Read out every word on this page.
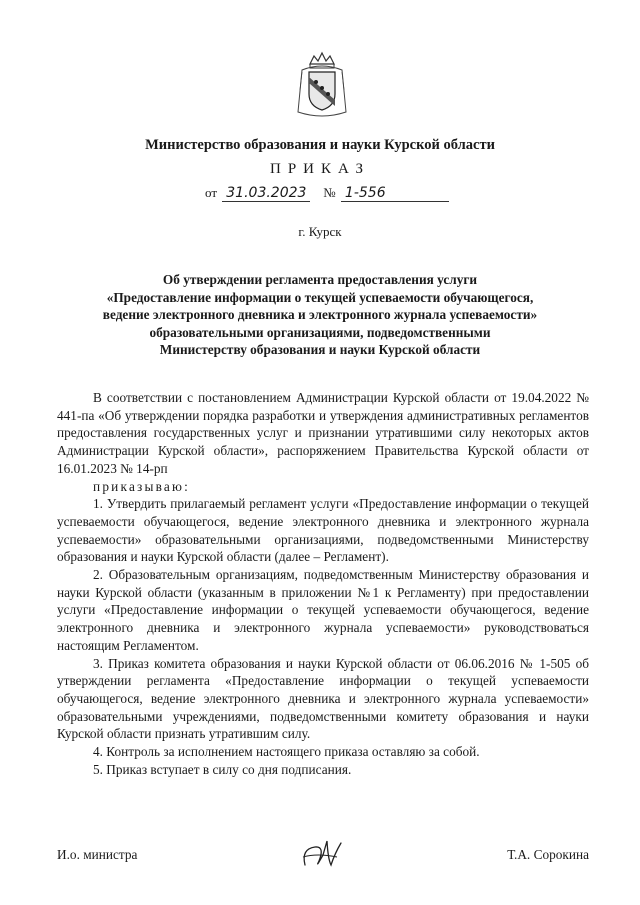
Министерство образования и науки Курской области
ПРИКАЗ
от 31.03.2023 № 1-556
г. Курск
Об утверждении регламента предоставления услуги
«Предоставление информации о текущей успеваемости обучающегося,
ведение электронного дневника и электронного журнала успеваемости»
образовательными организациями, подведомственными
Министерству образования и науки Курской области

В соответствии с постановлением Администрации Курской области от 19.04.2022 № 441-па «Об утверждении порядка разработки и утверждения административных регламентов предоставления государственных услуг и признании утратившими силу некоторых актов Администрации Курской области», распоряжением Правительства Курской области от 16.01.2023 № 14-рп

приказываю:

1. Утвердить прилагаемый регламент услуги «Предоставление информации о текущей успеваемости обучающегося, ведение электронного дневника и электронного журнала успеваемости» образовательными организациями, подведомственными Министерству образования и науки Курской области (далее – Регламент).

2. Образовательным организациям, подведомственным Министерству образования и науки Курской области (указанным в приложении №1 к Регламенту) при предоставлении услуги «Предоставление информации о текущей успеваемости обучающегося, ведение электронного дневника и электронного журнала успеваемости» руководствоваться настоящим Регламентом.

3. Приказ комитета образования и науки Курской области от 06.06.2016 № 1-505 об утверждении регламента «Предоставление информации о текущей успеваемости обучающегося, ведение электронного дневника и электронного журнала успеваемости» образовательными учреждениями, подведомственными комитету образования и науки Курской области признать утратившим силу.

4. Контроль за исполнением настоящего приказа оставляю за собой.

5. Приказ вступает в силу со дня подписания.

И.о. министра	Т.А. Сорокина
